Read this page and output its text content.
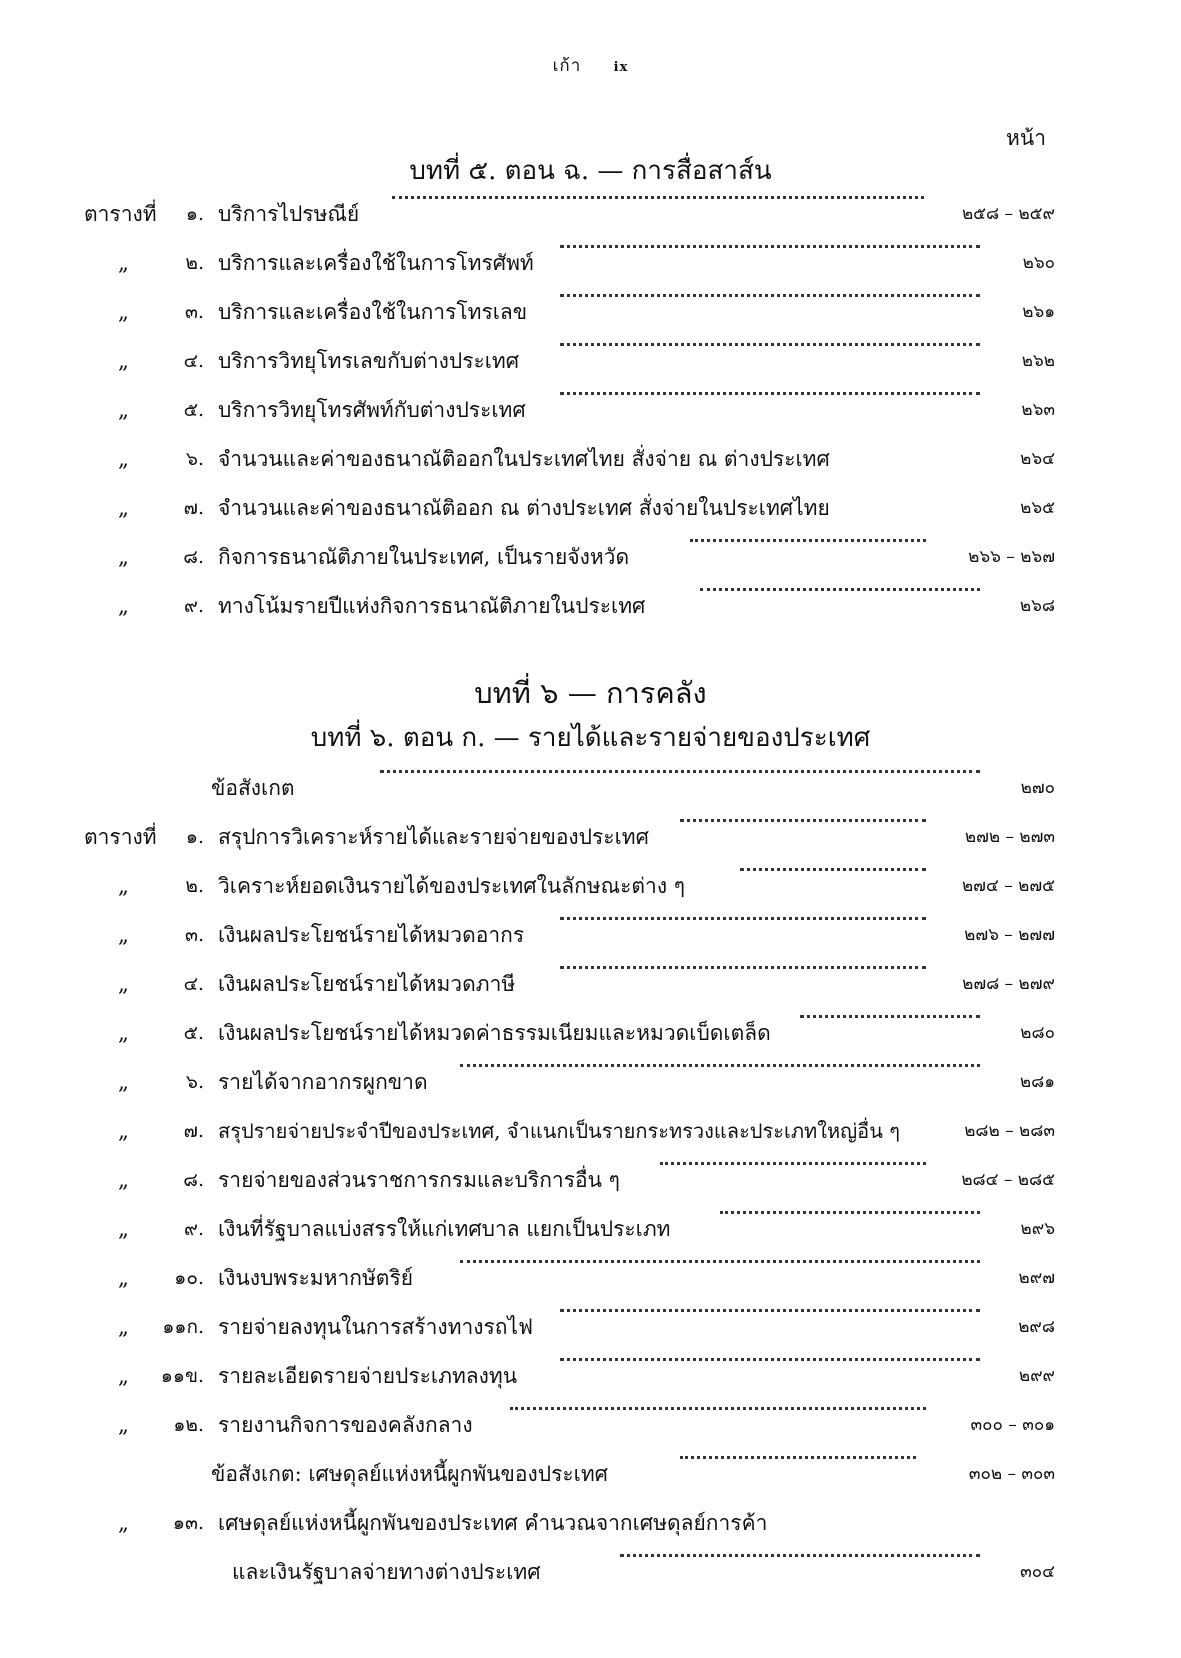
เก้า ix
หน้า
บทที่ ๕. ตอน ฉ. — การสื่อสาส์น
ตารางที่	๑. บริการไปรษณีย์	๒๕๘ – ๒๕๙
„	๒. บริการและเครื่องใช้ในการโทรศัพท์	๒๖๐
„	๓. บริการและเครื่องใช้ในการโทรเลข	๒๖๑
„	๔. บริการวิทยุโทรเลขกับต่างประเทศ	๒๖๒
„	๕. บริการวิทยุโทรศัพท์กับต่างประเทศ	๒๖๓
„	๖. จำนวนและค่าของธนาณัติออกในประเทศไทย สั่งจ่าย ณ ต่างประเทศ	๒๖๔
„	๗. จำนวนและค่าของธนาณัติออก ณ ต่างประเทศ สั่งจ่ายในประเทศไทย	๒๖๕
„	๘. กิจการธนาณัติภายในประเทศ, เป็นรายจังหวัด	๒๖๖ – ๒๖๗
„	๙. ทางโน้มรายปีแห่งกิจการธนาณัติภายในประเทศ	๒๖๘
บทที่ ๖ — การคลัง
บทที่ ๖. ตอน ก. — รายได้และรายจ่ายของประเทศ
ข้อสังเกต	๒๗๐
ตารางที่	๑. สรุปการวิเคราะห์รายได้และรายจ่ายของประเทศ	๒๗๒ – ๒๗๓
„	๒. วิเคราะห์ยอดเงินรายได้ของประเทศในลักษณะต่าง ๆ	๒๗๔ – ๒๗๕
„	๓. เงินผลประโยชน์รายได้หมวดอากร	๒๗๖ – ๒๗๗
„	๔. เงินผลประโยชน์รายได้หมวดภาษี	๒๗๘ – ๒๗๙
„	๕. เงินผลประโยชน์รายได้หมวดค่าธรรมเนียมและหมวดเบ็ดเตล็ด	๒๘๐
„	๖. รายได้จากอากรผูกขาด	๒๘๑
„	๗. สรุปรายจ่ายประจำปีของประเทศ, จำแนกเป็นรายกระทรวงและประเภทใหญ่อื่น ๆ	๒๘๒ – ๒๘๓
„	๘. รายจ่ายของส่วนราชการกรมและบริการอื่น ๆ	๒๘๔ – ๒๘๕
„	๙. เงินที่รัฐบาลแบ่งสรรให้แก่เทศบาล แยกเป็นประเภท	๒๙๖
„	๑๐. เงินงบพระมหากษัตริย์	๒๙๗
„	๑๑ก. รายจ่ายลงทุนในการสร้างทางรถไฟ	๒๙๘
„	๑๑ข. รายละเอียดรายจ่ายประเภทลงทุน	๒๙๙
„	๑๒. รายงานกิจการของคลังกลาง	๓๐๐ – ๓๐๑
ข้อสังเกต: เศษดุลย์แห่งหนี้ผูกพันของประเทศ	๓๐๒ – ๓๐๓
„	๑๓. เศษดุลย์แห่งหนี้ผูกพันของประเทศ คำนวณจากเศษดุลย์การค้า
และเงินรัฐบาลจ่ายทางต่างประเทศ	๓๐๔
